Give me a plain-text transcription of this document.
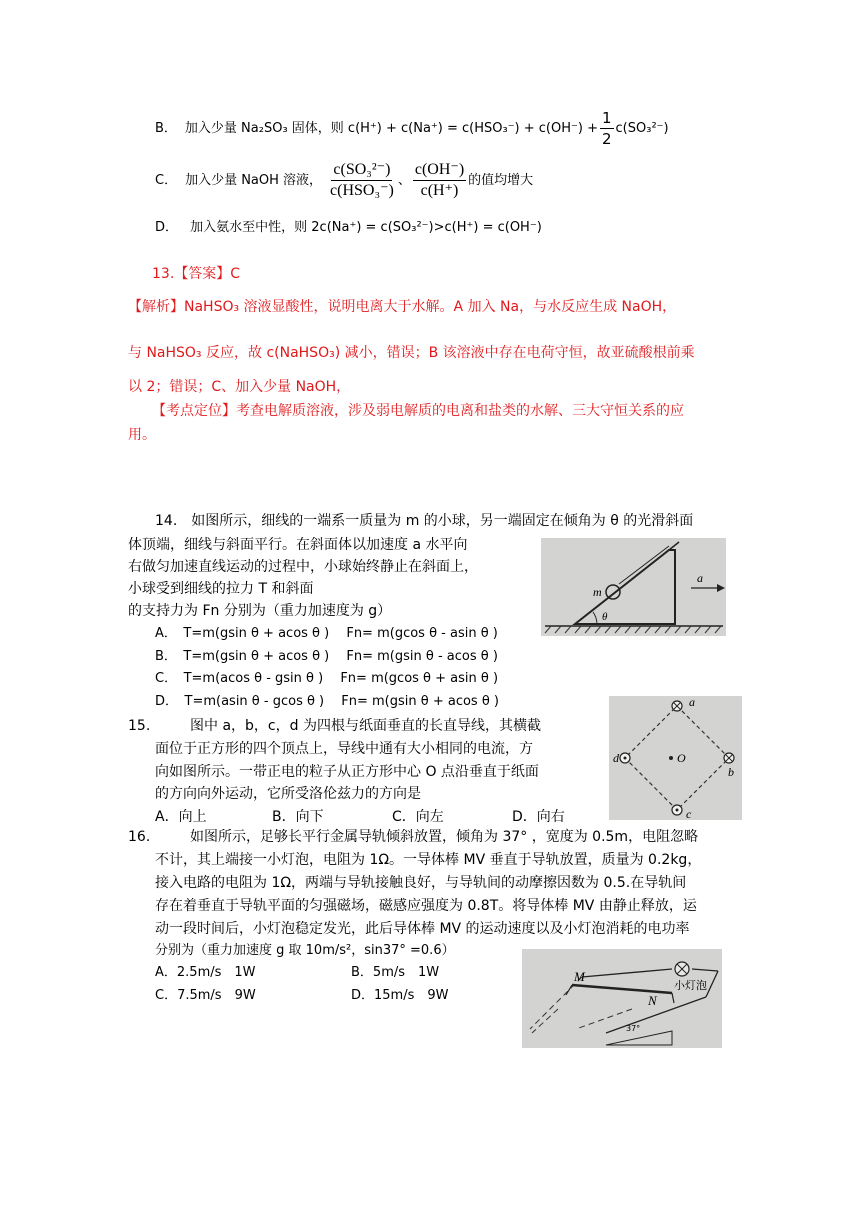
B． 加入少量 Na₂SO₃ 固体，则 $c(H^+) + c(Na^+) = c(HSO_3^-) + c(OH^-) + \frac{1}{2} c(SO_3^{2-})$
C． 加入少量 NaOH 溶液， $\frac{\text{c(SO₃²⁻)}}{\text{c(HSO₃⁻)}}$ 、 $\frac{c(OH^-)}{c(H^+)}$ 的值均增大
D． 加入氨水至中性，则 2c(Na⁺) = c(SO₃²⁻)>c(H⁺) = c(OH⁻)
13.【答案】C
【解析】NaHSO₃ 溶液显酸性，说明电离大于水解。A 加入 Na，与水反应生成 NaOH，
与 NaHSO₃ 反应，故 c(NaHSO₃) 减小，错误；B 该溶液中存在电荷守恒，故亚硫酸根前乘
以 2；错误；C、加入少量 NaOH，
【考点定位】考查电解质溶液，涉及弱电解质的电离和盐类的水解、三大守恒关系的应
用。
14.　如图所示，细线的一端系一质量为 m 的小球，另一端固定在倾角为 θ 的光滑斜面
体顶端，细线与斜面平行。在斜面体以加速度 a 水平向
右做匀加速直线运动的过程中，小球始终静止在斜面上，
小球受到细线的拉力 T 和斜面
的支持力为 Fn 分别为（重力加速度为 g）
A．　T=m(gsin θ + acos θ )　 Fn= m(gcos θ - asin θ )
B．　T=m(gsin θ + acos θ )　 Fn= m(gsin θ - acos θ )
C．　T=m(acos θ - gsin θ )　 Fn= m(gcos θ + asin θ )
D．　T=m(asin θ - gcos θ )　 Fn= m(gsin θ + acos θ )
m
θ
a
15.	图中 a，b，c，d 为四根与纸面垂直的长直导线，其横截
面位于正方形的四个顶点上，导线中通有大小相同的电流，方
向如图所示。一带正电的粒子从正方形中心 O 点沿垂直于纸面
的方向向外运动，它所受洛伦兹力的方向是
A．向上	B．向下	C．向左	D．向右
a
b
c
d	O
16.	如图所示，足够长平行金属导轨倾斜放置，倾角为 37° ，宽度为 0.5m，电阻忽略
不计，其上端接一小灯泡，电阻为 1Ω。一导体棒 MV 垂直于导轨放置，质量为 0.2kg，
接入电路的电阻为 1Ω，两端与导轨接触良好，与导轨间的动摩擦因数为 0.5.在导轨间
存在着垂直于导轨平面的匀强磁场，磁感应强度为 0.8T。将导体棒 MV 由静止释放，运
动一段时间后，小灯泡稳定发光，此后导体棒 MV 的运动速度以及小灯泡消耗的电功率
分别为（重力加速度 g 取 10m/s²，sin37° =0.6）
A．2.5m/s　1W	B．5m/s　1W
C．7.5m/s　9W	D．15m/s　9W
M
N
小灯泡
37°
